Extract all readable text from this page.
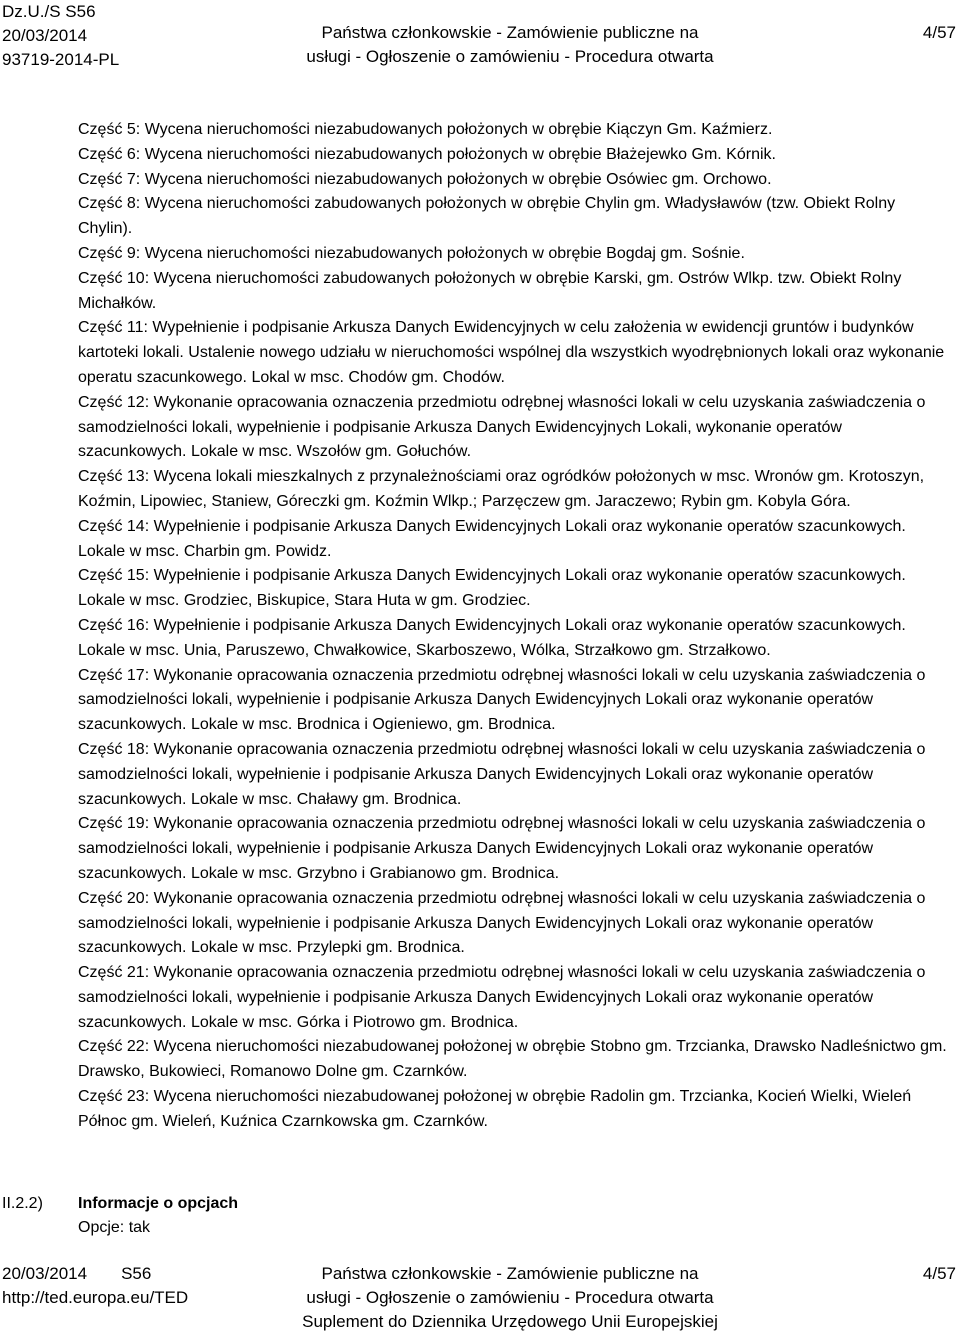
Dz.U./S S56
20/03/2014
93719-2014-PL
Państwa członkowskie - Zamówienie publiczne na
usługi - Ogłoszenie o zamówieniu - Procedura otwarta
4/57

Część 5: Wycena nieruchomości niezabudowanych położonych w obrębie Kiączyn Gm. Kaźmierz.

Część 6: Wycena nieruchomości niezabudowanych położonych w obrębie Błażejewko Gm. Kórnik.

Część 7: Wycena nieruchomości niezabudowanych położonych w obrębie Osówiec gm. Orchowo.

Część 8: Wycena nieruchomości zabudowanych położonych w obrębie Chylin gm. Władysławów (tzw. Obiekt Rolny Chylin).

Część 9: Wycena nieruchomości niezabudowanych położonych w obrębie Bogdaj gm. Sośnie.

Część 10: Wycena nieruchomości zabudowanych położonych w obrębie Karski, gm. Ostrów Wlkp. tzw. Obiekt Rolny Michałków.

Część 11: Wypełnienie i podpisanie Arkusza Danych Ewidencyjnych w celu założenia w ewidencji gruntów i budynków kartoteki lokali. Ustalenie nowego udziału w nieruchomości wspólnej dla wszystkich wyodrębnionych lokali oraz wykonanie operatu szacunkowego. Lokal w msc. Chodów gm. Chodów.

Część 12: Wykonanie opracowania oznaczenia przedmiotu odrębnej własności lokali w celu uzyskania zaświadczenia o samodzielności lokali, wypełnienie i podpisanie Arkusza Danych Ewidencyjnych Lokali, wykonanie operatów szacunkowych. Lokale w msc. Wszołów gm. Gołuchów.

Część 13: Wycena lokali mieszkalnych z przynależnościami oraz ogródków położonych w msc. Wronów gm. Krotoszyn, Koźmin, Lipowiec, Staniew, Góreczki gm. Koźmin Wlkp.; Parzęczew gm. Jaraczewo; Rybin gm. Kobyla Góra.

Część 14: Wypełnienie i podpisanie Arkusza Danych Ewidencyjnych Lokali oraz wykonanie operatów szacunkowych. Lokale w msc. Charbin gm. Powidz.

Część 15: Wypełnienie i podpisanie Arkusza Danych Ewidencyjnych Lokali oraz wykonanie operatów szacunkowych. Lokale w msc. Grodziec, Biskupice, Stara Huta w gm. Grodziec.

Część 16: Wypełnienie i podpisanie Arkusza Danych Ewidencyjnych Lokali oraz wykonanie operatów szacunkowych. Lokale w msc. Unia, Paruszewo, Chwałkowice, Skarboszewo, Wólka, Strzałkowo gm. Strzałkowo.

Część 17: Wykonanie opracowania oznaczenia przedmiotu odrębnej własności lokali w celu uzyskania zaświadczenia o samodzielności lokali, wypełnienie i podpisanie Arkusza Danych Ewidencyjnych Lokali oraz wykonanie operatów szacunkowych. Lokale w msc. Brodnica i Ogieniewo, gm. Brodnica.

Część 18: Wykonanie opracowania oznaczenia przedmiotu odrębnej własności lokali w celu uzyskania zaświadczenia o samodzielności lokali, wypełnienie i podpisanie Arkusza Danych Ewidencyjnych Lokali oraz wykonanie operatów szacunkowych. Lokale w msc. Chaławy gm. Brodnica.

Część 19: Wykonanie opracowania oznaczenia przedmiotu odrębnej własności lokali w celu uzyskania zaświadczenia o samodzielności lokali, wypełnienie i podpisanie Arkusza Danych Ewidencyjnych Lokali oraz wykonanie operatów szacunkowych. Lokale w msc. Grzybno i Grabianowo gm. Brodnica.

Część 20: Wykonanie opracowania oznaczenia przedmiotu odrębnej własności lokali w celu uzyskania zaświadczenia o samodzielności lokali, wypełnienie i podpisanie Arkusza Danych Ewidencyjnych Lokali oraz wykonanie operatów szacunkowych. Lokale w msc. Przylepki gm. Brodnica.

Część 21: Wykonanie opracowania oznaczenia przedmiotu odrębnej własności lokali w celu uzyskania zaświadczenia o samodzielności lokali, wypełnienie i podpisanie Arkusza Danych Ewidencyjnych Lokali oraz wykonanie operatów szacunkowych. Lokale w msc. Górka i Piotrowo gm. Brodnica.

Część 22: Wycena nieruchomości niezabudowanej położonej w obrębie Stobno gm. Trzcianka, Drawsko Nadleśnictwo gm. Drawsko, Bukowieci, Romanowo Dolne gm. Czarnków.

Część 23: Wycena nieruchomości niezabudowanej położonej w obrębie Radolin gm. Trzcianka, Kocień Wielki, Wieleń Północ gm. Wieleń, Kuźnica Czarnkowska gm. Czarnków.

II.2.2) Informacje o opcjach
Opcje: tak
20/03/2014 S56
http://ted.europa.eu/TED
Państwa członkowskie - Zamówienie publiczne na
usługi - Ogłoszenie o zamówieniu - Procedura otwarta
Suplement do Dziennika Urzędowego Unii Europejskiej
4/57
